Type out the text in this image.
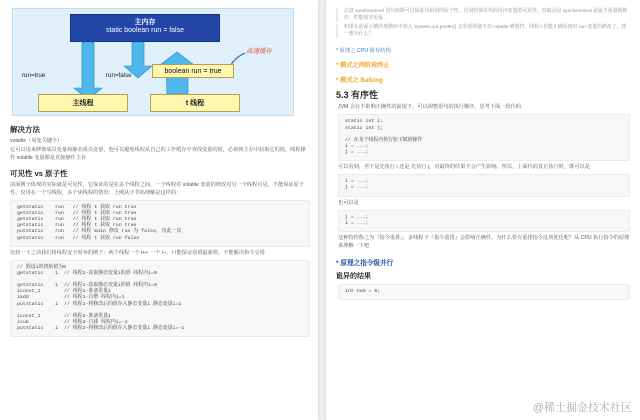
主内存
static boolean run = false
run=true	run=false
boolean run = true
高速缓存
主线程	t 线程
解决方法

volatile（易变关键字）

它可以用来修饰成员变量和静态成员变量，他可以避免线程从自己的工作缓存中查找变量的值，必须到主存中获取它的值，线程操作 volatile 变量都是直接操作主存

可见性 vs 原子性

前面例子体现的实际就是可见性，它保证的是在多个线程之间，一个线程对 volatile 变量的修改对另一个线程可见，不能保证原子性，仅用在一个写线程，多个读线程的情况：上例从字节码理解是这样的：

getstatic    run   // 线程 t 获取 run true
getstatic    run   // 线程 t 获取 run true
getstatic    run   // 线程 t 获取 run true
getstatic    run   // 线程 t 获取 run true
putstatic    run   // 线程 main 修改 run 为 false, 仅此一次
getstatic    run   // 线程 t 获取 run false

比较一下之前我们将线程安全时举的例子：两个线程一个 i++ 一个 i--，只能保证看到最新值，不能解决指令交错

// 假设i的初始值为0
getstatic    i  // 线程2-获取静态变量i的值 线程内i=0

getstatic    i  // 线程1-获取静态变量i的值 线程内i=0
iconst_1        // 线程1-准备常量1
iadd            // 线程1-自增 线程内i=1
putstatic    i  // 线程1-将修改后的值存入静态变量i 静态变量i=1

iconst_1        // 线程2-准备常量1
isub            // 线程2-自减 线程内i=-1
putstatic    i  // 线程2-将修改后的值存入静态变量i 静态变量i=-1
注意 synchronized 语句块既可以保证代码块的原子性，也同时保证代码块内变量的可见性。但缺点是 synchronized 是属于重量级操作，性能相对更低
如果在前面示例的死循环中加入 System.out.println() 会发现即使不加 volatile 修饰符，线程 t 也能正确看到对 run 变量的修改了，想一想为什么？
* 原理之 CPU 缓存结构
* 模式之两阶段终止
* 模式之 Balking
5.3 有序性

JVM 会在不影响正确性的前提下，可以调整语句的执行顺序，思考下面一段代码

static int i;
static int j;

// 在某个线程内执行如下赋值操作
i = ...;
j = ...;

可以看到，至于是先执行 i 还是 先执行 j，对最终的结果不会产生影响。所以，上面代码真正执行时，既可以是

i = ...;
j = ...;

也可以是

j = ...;
i = ...;

这种特性称之为『指令重排』，多线程下『指令重排』会影响正确性。为什么要有重排指令这项优化呢？从 CPU 执行指令的原理来理解一下吧

* 原理之指令级并行
诡异的结果
int num = 0;
@稀土掘金技术社区
